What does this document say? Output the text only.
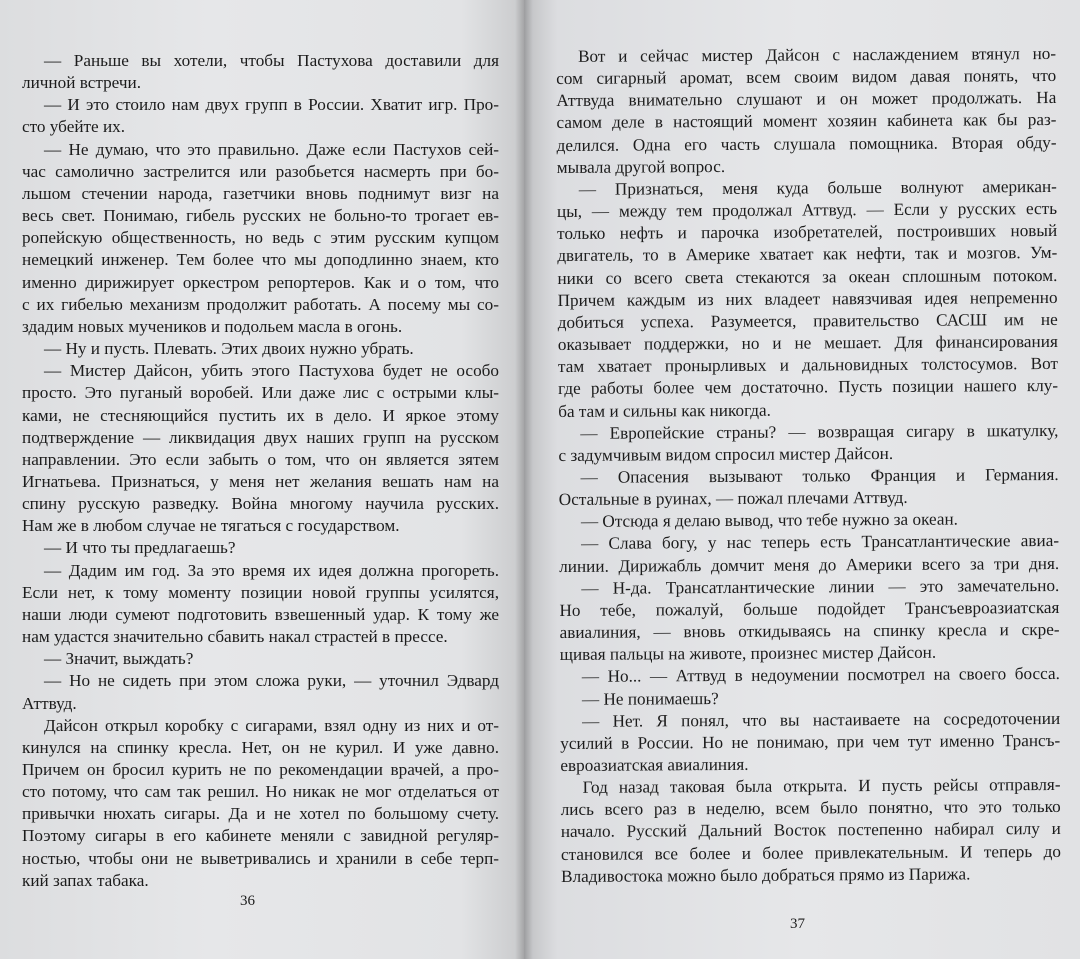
— Раньше вы хотели, чтобы Пастухова доставили для
личной встречи.
— И это стоило нам двух групп в России. Хватит игр. Про-
сто убейте их.
— Не думаю, что это правильно. Даже если Пастухов сей-
час самолично застрелится или разобьется насмерть при бо-
льшом стечении народа, газетчики вновь поднимут визг на
весь свет. Понимаю, гибель русских не больно-то трогает ев-
ропейскую общественность, но ведь с этим русским купцом
немецкий инженер. Тем более что мы доподлинно знаем, кто
именно дирижирует оркестром репортеров. Как и о том, что
с их гибелью механизм продолжит работать. А посему мы со-
здадим новых мучеников и подольем масла в огонь.
— Ну и пусть. Плевать. Этих двоих нужно убрать.
— Мистер Дайсон, убить этого Пастухова будет не особо
просто. Это пуганый воробей. Или даже лис с острыми клы-
ками, не стесняющийся пустить их в дело. И яркое этому
подтверждение — ликвидация двух наших групп на русском
направлении. Это если забыть о том, что он является зятем
Игнатьева. Признаться, у меня нет желания вешать нам на
спину русскую разведку. Война многому научила русских.
Нам же в любом случае не тягаться с государством.
— И что ты предлагаешь?
— Дадим им год. За это время их идея должна прогореть.
Если нет, к тому моменту позиции новой группы усилятся,
наши люди сумеют подготовить взвешенный удар. К тому же
нам удастся значительно сбавить накал страстей в прессе.
— Значит, выждать?
— Но не сидеть при этом сложа руки, — уточнил Эдвард
Аттвуд.
Дайсон открыл коробку с сигарами, взял одну из них и от-
кинулся на спинку кресла. Нет, он не курил. И уже давно.
Причем он бросил курить не по рекомендации врачей, а про-
сто потому, что сам так решил. Но никак не мог отделаться от
привычки нюхать сигары. Да и не хотел по большому счету.
Поэтому сигары в его кабинете меняли с завидной регуляр-
ностью, чтобы они не выветривались и хранили в себе терп-
кий запах табака.
36
Вот и сейчас мистер Дайсон с наслаждением втянул но-
сом сигарный аромат, всем своим видом давая понять, что
Аттвуда внимательно слушают и он может продолжать. На
самом деле в настоящий момент хозяин кабинета как бы раз-
делился. Одна его часть слушала помощника. Вторая обду-
мывала другой вопрос.
— Признаться, меня куда больше волнуют американ-
цы, — между тем продолжал Аттвуд. — Если у русских есть
только нефть и парочка изобретателей, построивших новый
двигатель, то в Америке хватает как нефти, так и мозгов. Ум-
ники со всего света стекаются за океан сплошным потоком.
Причем каждым из них владеет навязчивая идея непременно
добиться успеха. Разумеется, правительство САСШ им не
оказывает поддержки, но и не мешает. Для финансирования
там хватает пронырливых и дальновидных толстосумов. Вот
где работы более чем достаточно. Пусть позиции нашего клу-
ба там и сильны как никогда.
— Европейские страны? — возвращая сигару в шкатулку,
с задумчивым видом спросил мистер Дайсон.
— Опасения вызывают только Франция и Германия.
Остальные в руинах, — пожал плечами Аттвуд.
— Отсюда я делаю вывод, что тебе нужно за океан.
— Слава богу, у нас теперь есть Трансатлантические авиа-
линии. Дирижабль домчит меня до Америки всего за три дня.
— Н-да. Трансатлантические линии — это замечательно.
Но тебе, пожалуй, больше подойдет Трансъевроазиатская
авиалиния, — вновь откидываясь на спинку кресла и скре-
щивая пальцы на животе, произнес мистер Дайсон.
— Но... — Аттвуд в недоумении посмотрел на своего босса.
— Не понимаешь?
— Нет. Я понял, что вы настаиваете на сосредоточении
усилий в России. Но не понимаю, при чем тут именно Трансъ-
евроазиатская авиалиния.
Год назад таковая была открыта. И пусть рейсы отправля-
лись всего раз в неделю, всем было понятно, что это только
начало. Русский Дальний Восток постепенно набирал силу и
становился все более и более привлекательным. И теперь до
Владивостока можно было добраться прямо из Парижа.
37
